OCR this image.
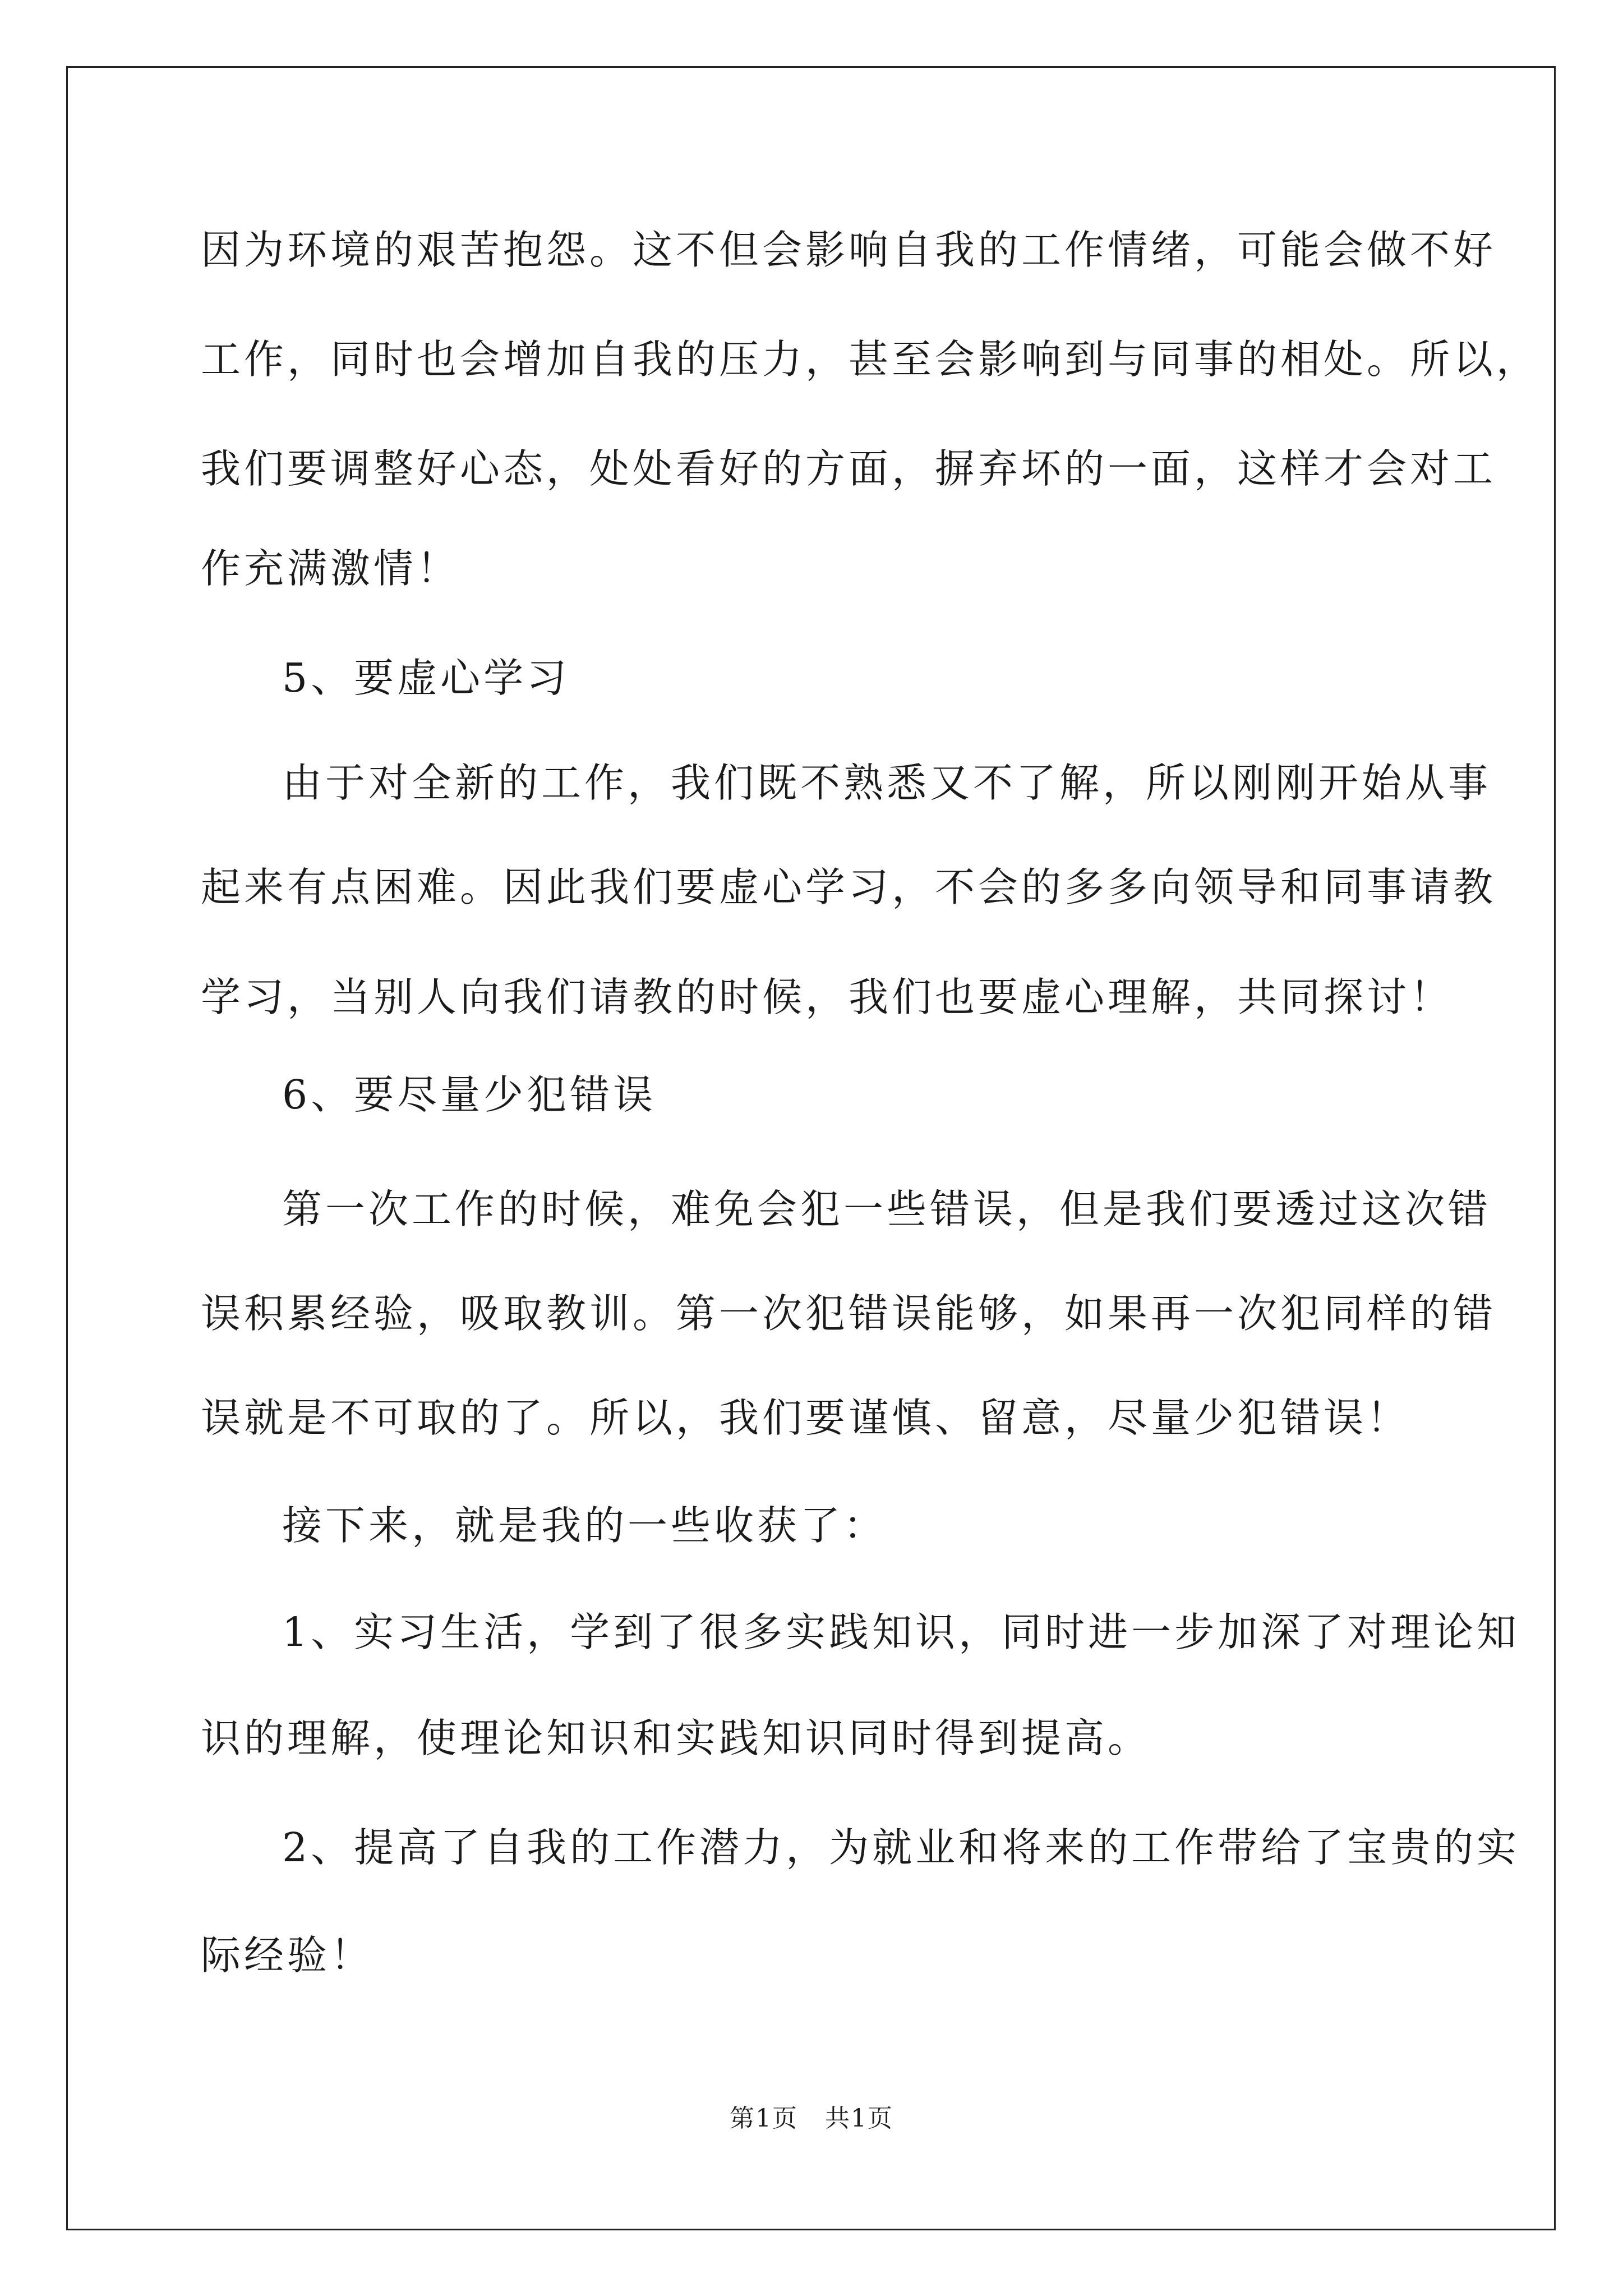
因为环境的艰苦抱怨。这不但会影响自我的工作情绪，可能会做不好

工作，同时也会增加自我的压力，甚至会影响到与同事的相处。所以，

我们要调整好心态，处处看好的方面，摒弃坏的一面，这样才会对工

作充满激情！

5、要虚心学习

由于对全新的工作，我们既不熟悉又不了解，所以刚刚开始从事

起来有点困难。因此我们要虚心学习，不会的多多向领导和同事请教

学习，当别人向我们请教的时候，我们也要虚心理解，共同探讨！

6、要尽量少犯错误

第一次工作的时候，难免会犯一些错误，但是我们要透过这次错

误积累经验，吸取教训。第一次犯错误能够，如果再一次犯同样的错

误就是不可取的了。所以，我们要谨慎、留意，尽量少犯错误！

接下来，就是我的一些收获了：

1、实习生活，学到了很多实践知识，同时进一步加深了对理论知

识的理解，使理论知识和实践知识同时得到提高。

2、提高了自我的工作潜力，为就业和将来的工作带给了宝贵的实

际经验！

第1页   共1页
